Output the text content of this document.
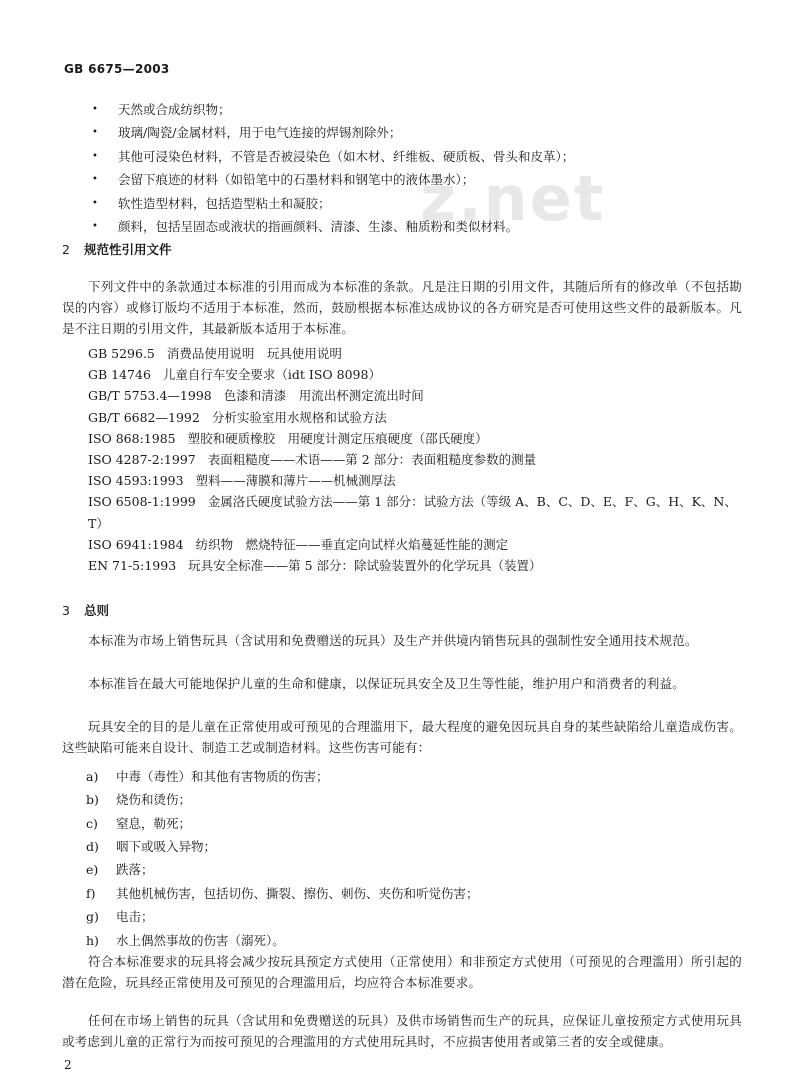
GB 6675—2003
z.net
•	天然或合成纺织物；
•	玻璃/陶瓷/金属材料，用于电气连接的焊锡剂除外；
•	其他可浸染色材料，不管是否被浸染色（如木材、纤维板、硬质板、骨头和皮革）；
•	会留下痕迹的材料（如铅笔中的石墨材料和钢笔中的液体墨水）；
•	软性造型材料，包括造型粘土和凝胶；
•	颜料，包括呈固态或液状的指画颜料、清漆、生漆、釉质粉和类似材料。
2 规范性引用文件
下列文件中的条款通过本标准的引用而成为本标准的条款。凡是注日期的引用文件，其随后所有的修改单（不包括勘误的内容）或修订版均不适用于本标准，然而，鼓励根据本标准达成协议的各方研究是否可使用这些文件的最新版本。凡是不注日期的引用文件，其最新版本适用于本标准。
GB 5296.5 消费品使用说明　玩具使用说明
GB 14746 儿童自行车安全要求（idt ISO 8098）
GB/T 5753.4—1998 色漆和清漆　用流出杯测定流出时间
GB/T 6682—1992 分析实验室用水规格和试验方法
ISO 868:1985 塑胶和硬质橡胶　用硬度计测定压痕硬度（邵氏硬度）
ISO 4287-2:1997 表面粗糙度——术语——第 2 部分：表面粗糙度参数的测量
ISO 4593:1993 塑料——薄膜和薄片——机械测厚法
ISO 6508-1:1999 金属洛氏硬度试验方法——第 1 部分：试验方法（等级 A、B、C、D、E、F、G、H、K、N、T）
ISO 6941:1984 纺织物　燃烧特征——垂直定向试样火焰蔓延性能的测定
EN 71-5:1993 玩具安全标准——第 5 部分：除试验装置外的化学玩具（装置）
3 总则
本标准为市场上销售玩具（含试用和免费赠送的玩具）及生产并供境内销售玩具的强制性安全通用技术规范。
本标准旨在最大可能地保护儿童的生命和健康，以保证玩具安全及卫生等性能，维护用户和消费者的利益。
玩具安全的目的是儿童在正常使用或可预见的合理滥用下，最大程度的避免因玩具自身的某些缺陷给儿童造成伤害。这些缺陷可能来自设计、制造工艺或制造材料。这些伤害可能有：
a)	中毒（毒性）和其他有害物质的伤害；
b)	烧伤和烫伤；
c)	窒息，勒死；
d)	咽下或吸入异物；
e)	跌落；
f)	其他机械伤害，包括切伤、撕裂、擦伤、刺伤、夹伤和听觉伤害；
g)	电击；
h)	水上偶然事故的伤害（溺死）。
符合本标准要求的玩具将会减少按玩具预定方式使用（正常使用）和非预定方式使用（可预见的合理滥用）所引起的潜在危险，玩具经正常使用及可预见的合理滥用后，均应符合本标准要求。
任何在市场上销售的玩具（含试用和免费赠送的玩具）及供市场销售而生产的玩具，应保证儿童按预定方式使用玩具或考虑到儿童的正常行为而按可预见的合理滥用的方式使用玩具时，不应损害使用者或第三者的安全或健康。
2
